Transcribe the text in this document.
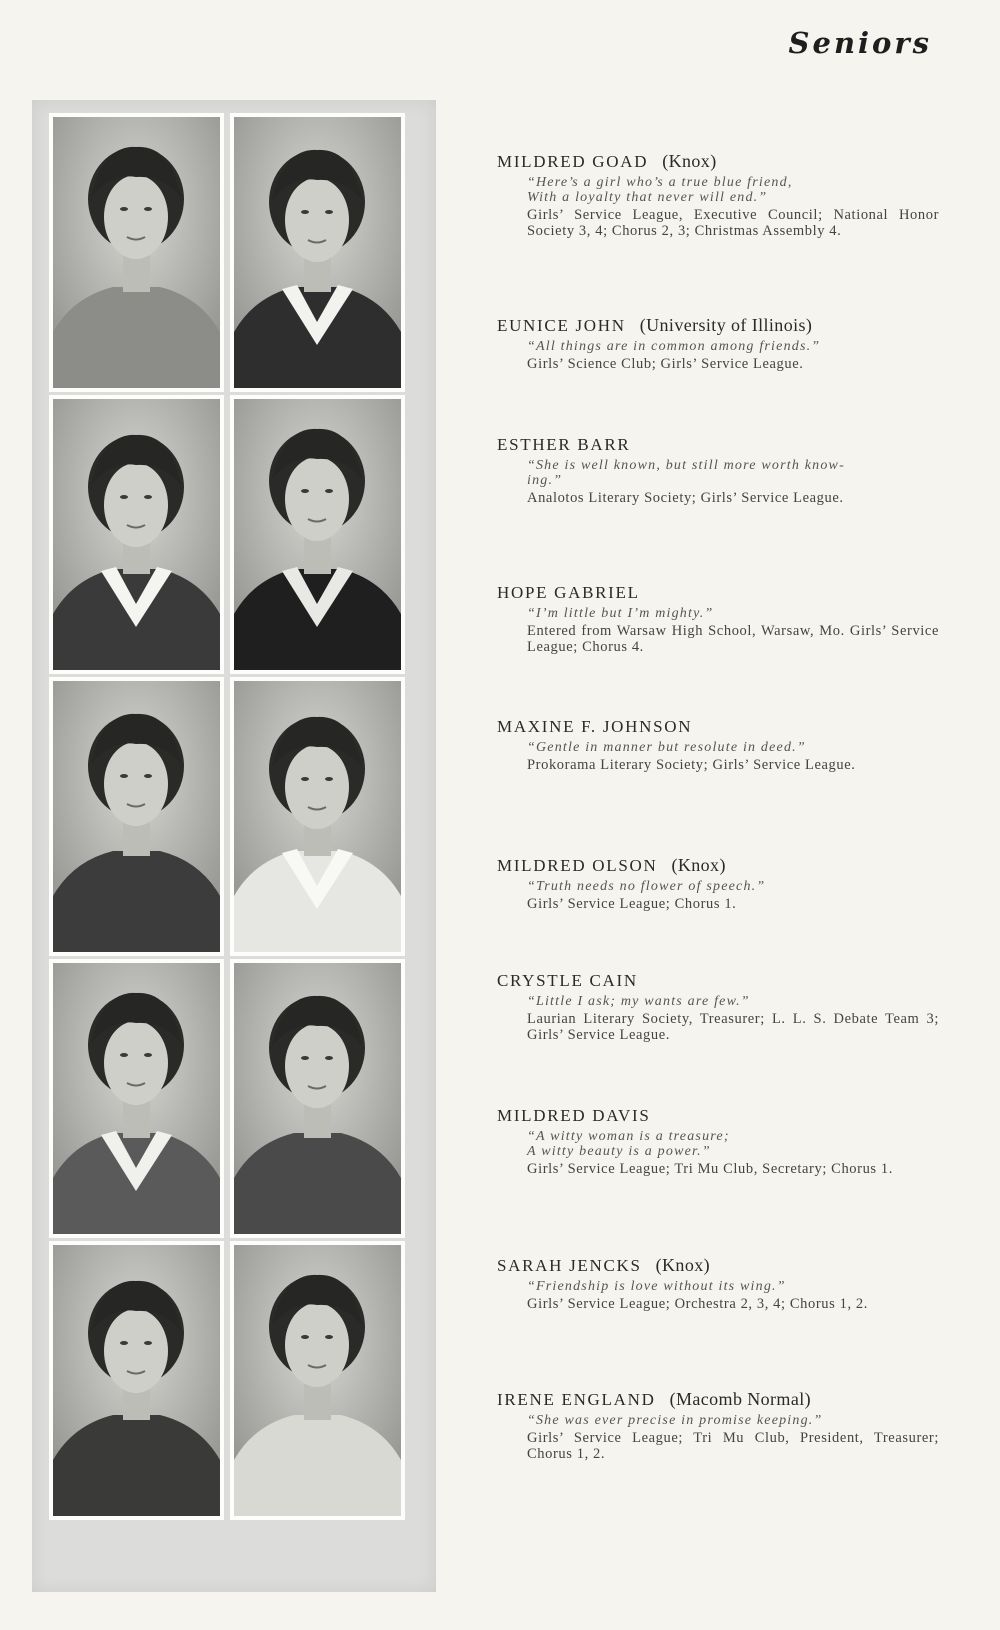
Seniors
MILDRED GOAD (Knox)
“Here’s a girl who’s a true blue friend,
With a loyalty that never will end.”
Girls’ Service League, Executive Council; National Honor Society 3, 4; Chorus 2, 3; Christmas Assembly 4.
EUNICE JOHN (University of Illinois)
“All things are in common among friends.”
Girls’ Science Club; Girls’ Service League.
ESTHER BARR
“She is well known, but still more worth know-
ing.”
Analotos Literary Society; Girls’ Service League.
HOPE GABRIEL
“I’m little but I’m mighty.”
Entered from Warsaw High School, Warsaw, Mo. Girls’ Service League; Chorus 4.
MAXINE F. JOHNSON
“Gentle in manner but resolute in deed.”
Prokorama Literary Society; Girls’ Service League.
MILDRED OLSON (Knox)
“Truth needs no flower of speech.”
Girls’ Service League; Chorus 1.
CRYSTLE CAIN
“Little I ask; my wants are few.”
Laurian Literary Society, Treasurer; L. L. S. Debate Team 3; Girls’ Service League.
MILDRED DAVIS
“A witty woman is a treasure;
A witty beauty is a power.”
Girls’ Service League; Tri Mu Club, Secretary; Chorus 1.
SARAH JENCKS (Knox)
“Friendship is love without its wing.”
Girls’ Service League; Orchestra 2, 3, 4; Chorus 1, 2.
IRENE ENGLAND (Macomb Normal)
“She was ever precise in promise keeping.”
Girls’ Service League; Tri Mu Club, President, Treasurer; Chorus 1, 2.
